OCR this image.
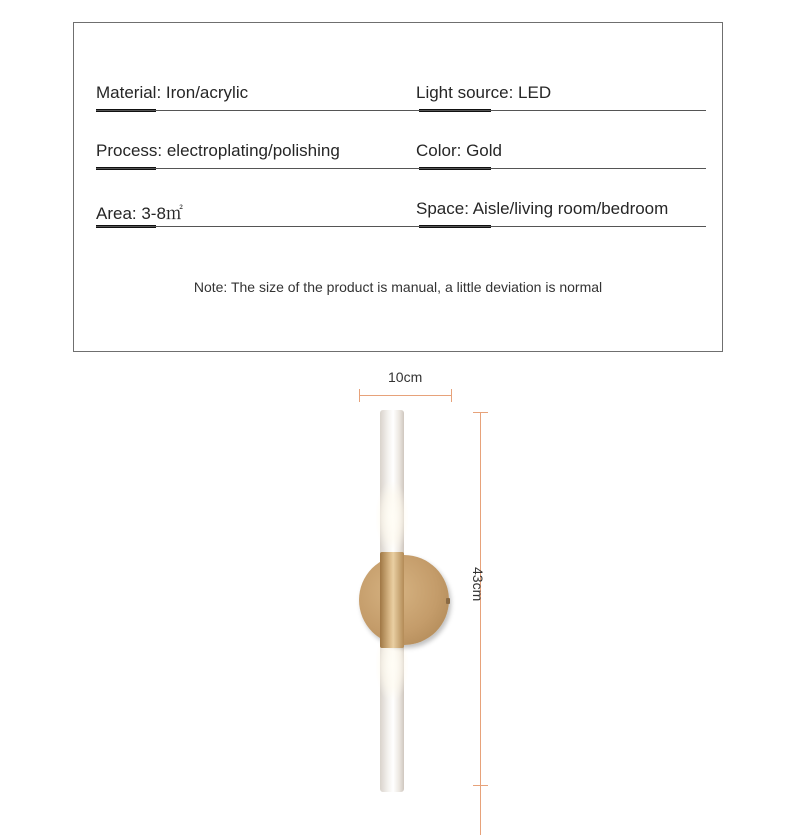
Material: Iron/acrylic	Light source: LED
Process: electroplating/polishing	Color: Gold
Area: 3-8㎡	Space: Aisle/living room/bedroom
Note: The size of the product is manual, a little deviation is normal
10cm
43cm
